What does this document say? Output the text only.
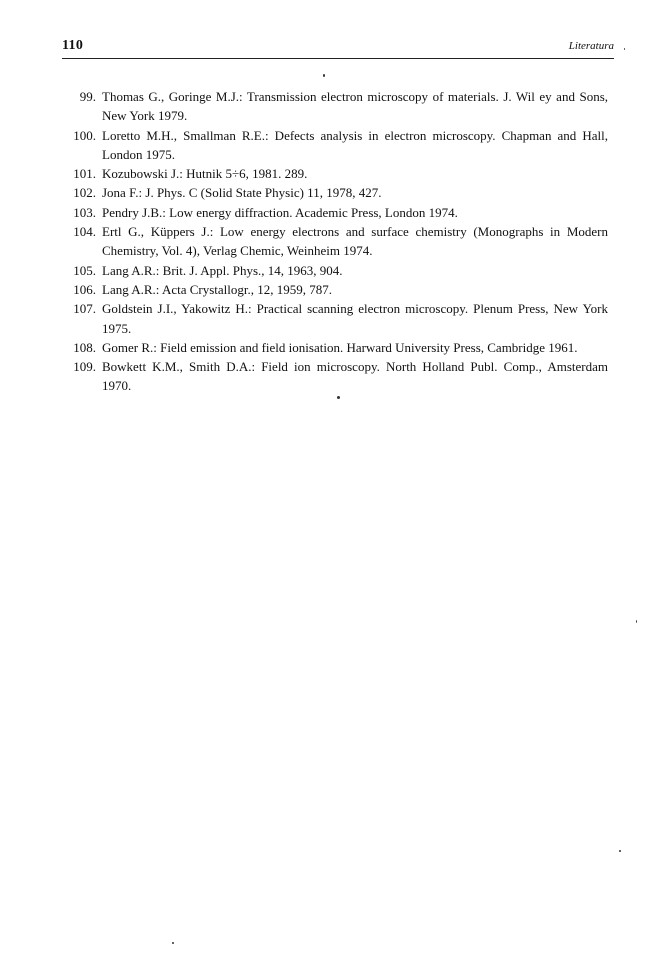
110	Literatura
99. Thomas G., Goringe M.J.: Transmission electron microscopy of materials. J. Wil ey and Sons, New York 1979.
100. Loretto M.H., Smallman R.E.: Defects analysis in electron microscopy. Chapman and Hall, London 1975.
101. Kozubowski J.: Hutnik 5÷6, 1981. 289.
102. Jona F.: J. Phys. C (Solid State Physic) 11, 1978, 427.
103. Pendry J.B.: Low energy diffraction. Academic Press, London 1974.
104. Ertl G., Küppers J.: Low energy electrons and surface chemistry (Monographs in Modern Chemistry, Vol. 4), Verlag Chemic, Weinheim 1974.
105. Lang A.R.: Brit. J. Appl. Phys., 14, 1963, 904.
106. Lang A.R.: Acta Crystallogr., 12, 1959, 787.
107. Goldstein J.I., Yakowitz H.: Practical scanning electron microscopy. Plenum Press, New York 1975.
108. Gomer R.: Field emission and field ionisation. Harward University Press, Cambridge 1961.
109. Bowkett K.M., Smith D.A.: Field ion microscopy. North Holland Publ. Comp., Amsterdam 1970.
